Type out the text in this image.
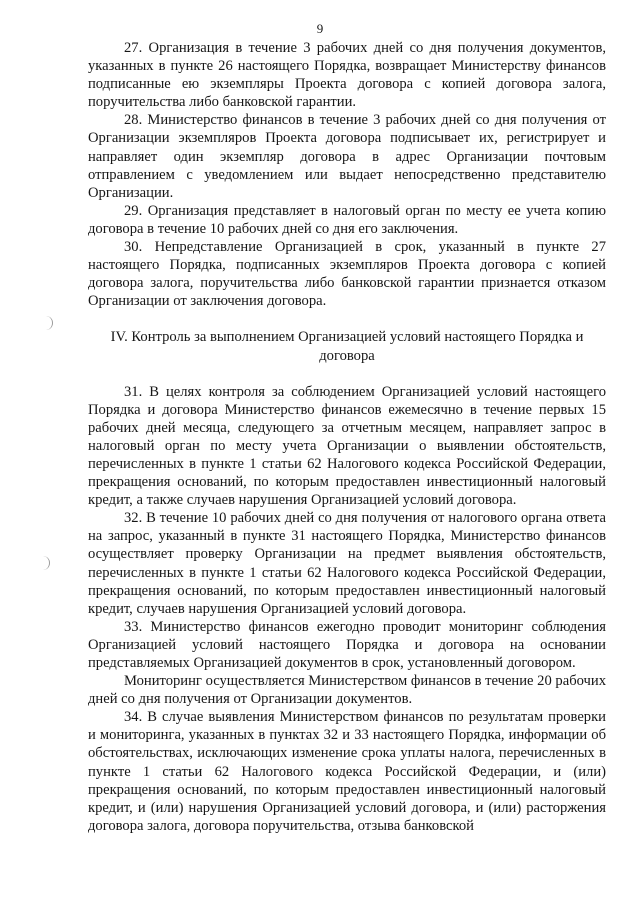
9

27. Организация в течение 3 рабочих дней со дня получения документов, указанных в пункте 26 настоящего Порядка, возвращает Министерству финансов подписанные ею экземпляры Проекта договора с копией договора залога, поручительства либо банковской гарантии.

28. Министерство финансов в течение 3 рабочих дней со дня получения от Организации экземпляров Проекта договора подписывает их, регистрирует и направляет один экземпляр договора в адрес Организации почтовым отправлением с уведомлением или выдает непосредственно представителю Организации.

29. Организация представляет в налоговый орган по месту ее учета копию договора в течение 10 рабочих дней со дня его заключения.

30. Непредставление Организацией в срок, указанный в пункте 27 настоящего Порядка, подписанных экземпляров Проекта договора с копией договора залога, поручительства либо банковской гарантии признается отказом Организации от заключения договора.

IV. Контроль за выполнением Организацией условий настоящего Порядка и договора

31. В целях контроля за соблюдением Организацией условий настоящего Порядка и договора Министерство финансов ежемесячно в течение первых 15 рабочих дней месяца, следующего за отчетным месяцем, направляет запрос в налоговый орган по месту учета Организации о выявлении обстоятельств, перечисленных в пункте 1 статьи 62 Налогового кодекса Российской Федерации, прекращения оснований, по которым предоставлен инвестиционный налоговый кредит, а также случаев нарушения Организацией условий договора.

32. В течение 10 рабочих дней со дня получения от налогового органа ответа на запрос, указанный в пункте 31 настоящего Порядка, Министерство финансов осуществляет проверку Организации на предмет выявления обстоятельств, перечисленных в пункте 1 статьи 62 Налогового кодекса Российской Федерации, прекращения оснований, по которым предоставлен инвестиционный налоговый кредит, случаев нарушения Организацией условий договора.

33. Министерство финансов ежегодно проводит мониторинг соблюдения Организацией условий настоящего Порядка и договора на основании представляемых Организацией документов в срок, установленный договором.

Мониторинг осуществляется Министерством финансов в течение 20 рабочих дней со дня получения от Организации документов.

34. В случае выявления Министерством финансов по результатам проверки и мониторинга, указанных в пунктах 32 и 33 настоящего Порядка, информации об обстоятельствах, исключающих изменение срока уплаты налога, перечисленных в пункте 1 статьи 62 Налогового кодекса Российской Федерации, и (или) прекращения оснований, по которым предоставлен инвестиционный налоговый кредит, и (или) нарушения Организацией условий договора, и (или) расторжения договора залога, договора поручительства, отзыва банковской
